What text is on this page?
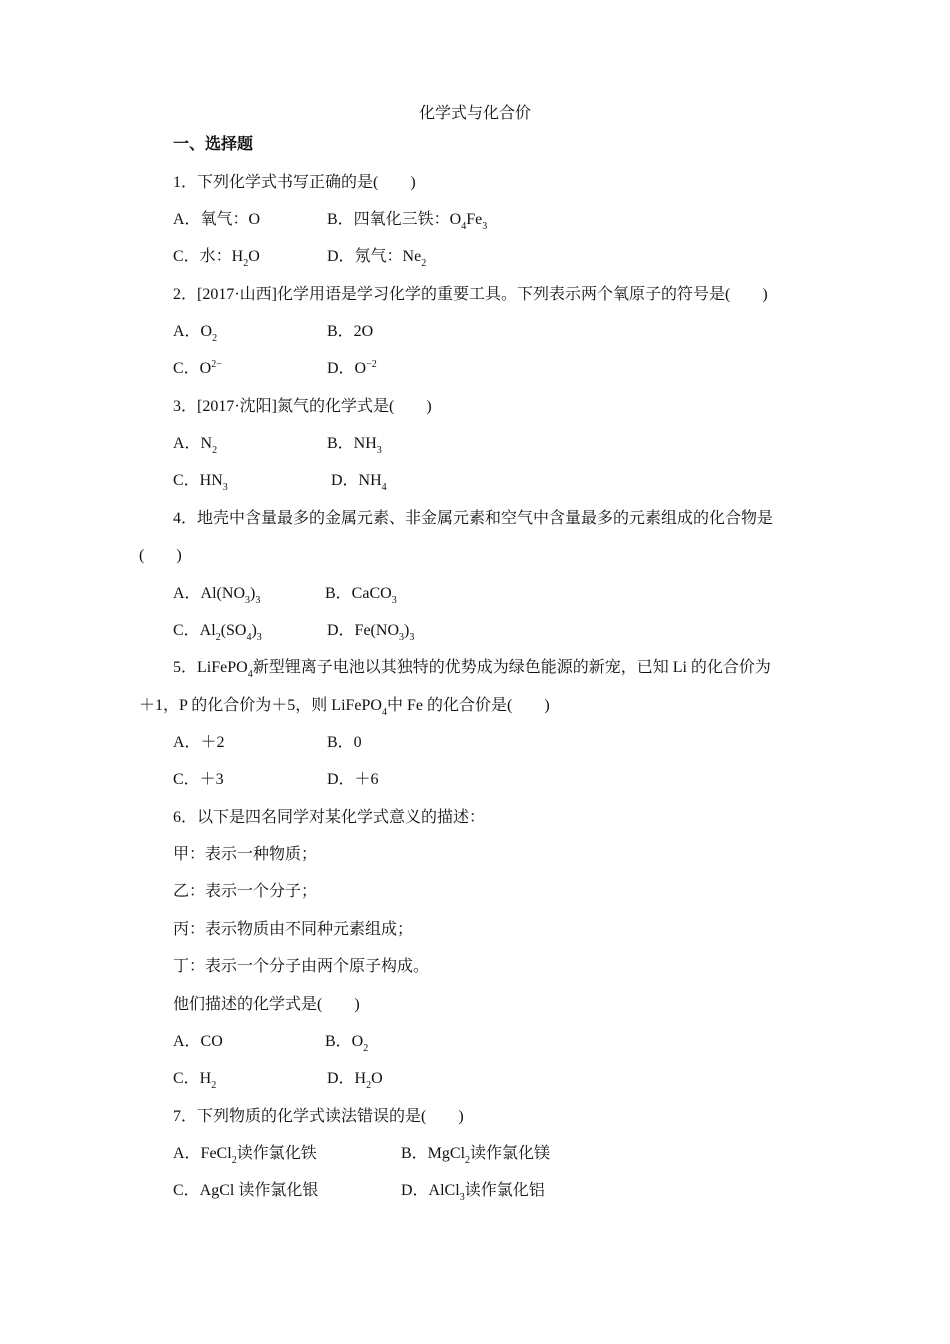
化学式与化合价
一、选择题
1．下列化学式书写正确的是(　　)
A．氧气：O	B．四氧化三铁：$O_4Fe_3$
C．水：$H_2O$	D．氖气：$Ne_2$
2．[2017·山西]化学用语是学习化学的重要工具。下列表示两个氧原子的符号是(　　)
A．$O_2$	B．2O
C．$O^{2-}$	D．$O^{-2}$
3．[2017·沈阳]氮气的化学式是(　　)
A．$N_2$	B．$NH_3$
C．$HN_3$	D．$NH_4$
4．地壳中含量最多的金属元素、非金属元素和空气中含量最多的元素组成的化合物是
(　　)
A．$Al(NO_3)_3$	B．CaCO$_3$
C．$Al_2(SO_4)_3$	D．$Fe(NO_3)_3$
5．LiFePO$_4$新型锂离子电池以其独特的优势成为绿色能源的新宠，已知 Li 的化合价为
＋1，P 的化合价为＋5，则 LiFePO$_4$中 Fe 的化合价是(　　)
A．＋2	B．0
C．＋3	D．＋6
6．以下是四名同学对某化学式意义的描述：
甲：表示一种物质；
乙：表示一个分子；
丙：表示物质由不同种元素组成；
丁：表示一个分子由两个原子构成。
他们描述的化学式是(　　)
A．CO	B．$O_2$
C．$H_2$	D．$H_2O$
7．下列物质的化学式读法错误的是(　　)
A．FeCl$_2$读作氯化铁	B．MgCl$_2$读作氯化镁
C．AgCl 读作氯化银	D．AlCl$_3$读作氯化铝
